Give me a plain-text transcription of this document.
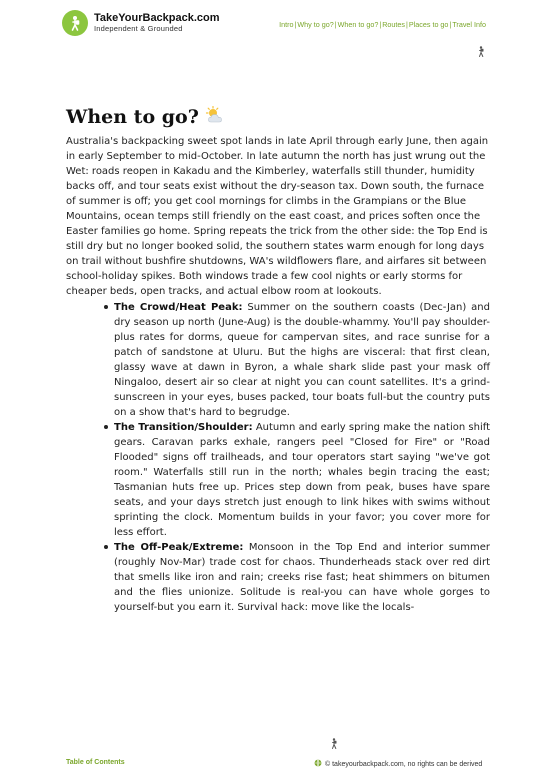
TakeYourBackpack.com
Independent & Grounded	Intro | Why to go? | When to go? | Routes | Places to go | Travel Info
When to go?

Australia's backpacking sweet spot lands in late April through early June, then again in early September to mid-October. In late autumn the north has just wrung out the Wet: roads reopen in Kakadu and the Kimberley, waterfalls still thunder, humidity backs off, and tour seats exist without the dry-season tax. Down south, the furnace of summer is off; you get cool mornings for climbs in the Grampians or the Blue Mountains, ocean temps still friendly on the east coast, and prices soften once the Easter families go home. Spring repeats the trick from the other side: the Top End is still dry but no longer booked solid, the southern states warm enough for long days on trail without bushfire shutdowns, WA's wildflowers flare, and airfares sit between school-holiday spikes. Both windows trade a few cool nights or early storms for cheaper beds, open tracks, and actual elbow room at lookouts.

The Crowd/Heat Peak: Summer on the southern coasts (Dec-Jan) and dry season up north (June-Aug) is the double-whammy. You'll pay shoulder-plus rates for dorms, queue for campervan sites, and race sunrise for a patch of sandstone at Uluru. But the highs are visceral: that first clean, glassy wave at dawn in Byron, a whale shark slide past your mask off Ningaloo, desert air so clear at night you can count satellites. It's a grind-sunscreen in your eyes, buses packed, tour boats full-but the country puts on a show that's hard to begrudge.
The Transition/Shoulder: Autumn and early spring make the nation shift gears. Caravan parks exhale, rangers peel "Closed for Fire" or "Road Flooded" signs off trailheads, and tour operators start saying "we've got room." Waterfalls still run in the north; whales begin tracing the east; Tasmanian huts free up. Prices step down from peak, buses have spare seats, and your days stretch just enough to link hikes with swims without sprinting the clock. Momentum builds in your favor; you cover more for less effort.
The Off-Peak/Extreme: Monsoon in the Top End and interior summer (roughly Nov-Mar) trade cost for chaos. Thunderheads stack over red dirt that smells like iron and rain; creeks rise fast; heat shimmers on bitumen and the flies unionize. Solitude is real-you can have whole gorges to yourself-but you earn it. Survival hack: move like the locals-
Table of Contents	© takeyourbackpack.com, no rights can be derived
